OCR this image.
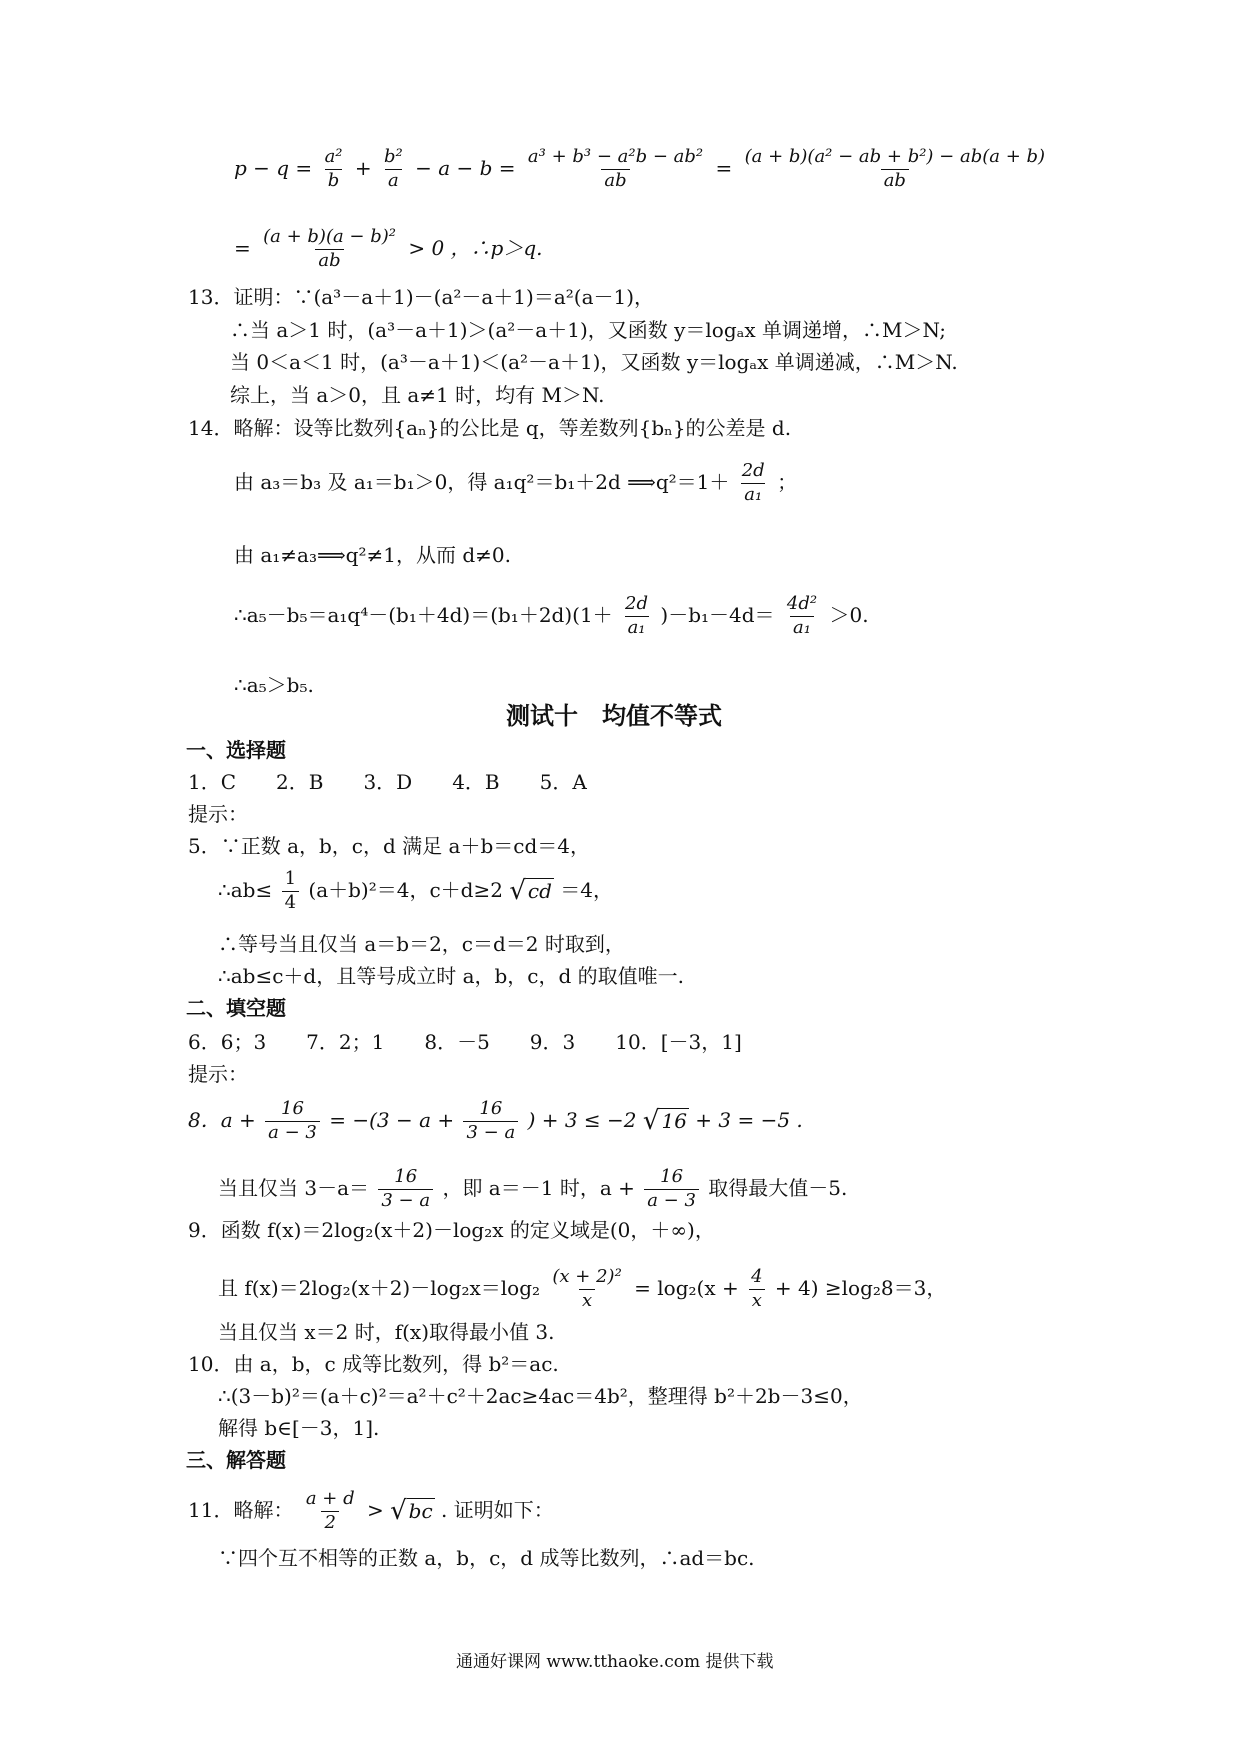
$p - q = \frac{\text{a²}}{b} + \frac{\text{b²}}{a} - a - b = \frac{\text{a³ + b³ − a²b − ab²}}{ab} = \frac{\text{(a + b)(a² − ab + b²) − ab(a + b)}}{ab}$
= $\frac{\text{(a + b)(a − b)²}}{ab} > 0$ ，∴p＞q.
13．证明：∵(a³－a＋1)－(a²－a＋1)＝a²(a－1)，
∴当 a＞1 时，(a³－a＋1)＞(a²－a＋1)，又函数 y＝logₐx 单调递增，∴M＞N;
当 0＜a＜1 时，(a³－a＋1)＜(a²－a＋1)，又函数 y＝logₐx 单调递减，∴M＞N.
综上，当 a＞0，且 a≠1 时，均有 M＞N.
14．略解：设等比数列{aₙ}的公比是 q，等差数列{bₙ}的公差是 d.
由 a₃＝b₃ 及 a₁＝b₁＞0，得 a₁q²＝b₁＋2d ⟹q²＝1＋ $\frac{2d}{\text{a₁}}$ ；
由 a₁≠a₃⟹q²≠1，从而 d≠0.
∴a₅－b₅＝a₁q⁴－(b₁＋4d)＝(b₁＋2d)(1＋ $\frac{2d}{\text{a₁}} )-b_1-4d= \frac{\text{4d²}}{\text{a₁}} >0$.
∴a₅＞b₅.
测试十　均值不等式
一、选择题
1．C　　2．B　　3．D　　4．B　　5．A
提示：
5．∵正数 a，b，c，d 满足 a＋b＝cd＝4，
∴ab≤ $\frac{1}{4} (a+b)^2=4$，c＋d≥2 √ cd ＝4，
∴等号当且仅当 a＝b＝2，c＝d＝2 时取到，
∴ab≤c＋d，且等号成立时 a，b，c，d 的取值唯一.
二、填空题
6．6；3　　7．2；1　　8．－5　　9．3　　10．[－3，1]
提示：
8．$a + \frac{16}{a - 3} = -(3 - a + \frac{16}{3 - a}$ ) + 3 ≤ −2 √ 16 + 3 = −5 .
当且仅当 $3-a= \frac{16}{3 - a}$ ，即 a＝－1 时，$a + \frac{16}{a - 3}$ 取得最大值－5.
9．函数 f(x)＝2log₂(x＋2)－log₂x 的定义域是(0，＋∞)，
且 $f(x)=2\log_2(x+2)-\log_2x=\log_2 \frac{\text{(x + 2)²}}{x} = \log_2(x + \frac{4}{x} + 4) \ge\log_28=3$，
当且仅当 x＝2 时，f(x)取得最小值 3.
10．由 a，b，c 成等比数列，得 b²＝ac.
∴(3－b)²＝(a＋c)²＝a²＋c²＋2ac≥4ac＝4b²，整理得 b²＋2b－3≤0，
解得 b∈[－3，1].
三、解答题
11．略解： $\frac{a + d}{2}$ > √ bc . 证明如下：
∵四个互不相等的正数 a，b，c，d 成等比数列，∴ad＝bc.
通通好课网 www.tthaoke.com 提供下载
